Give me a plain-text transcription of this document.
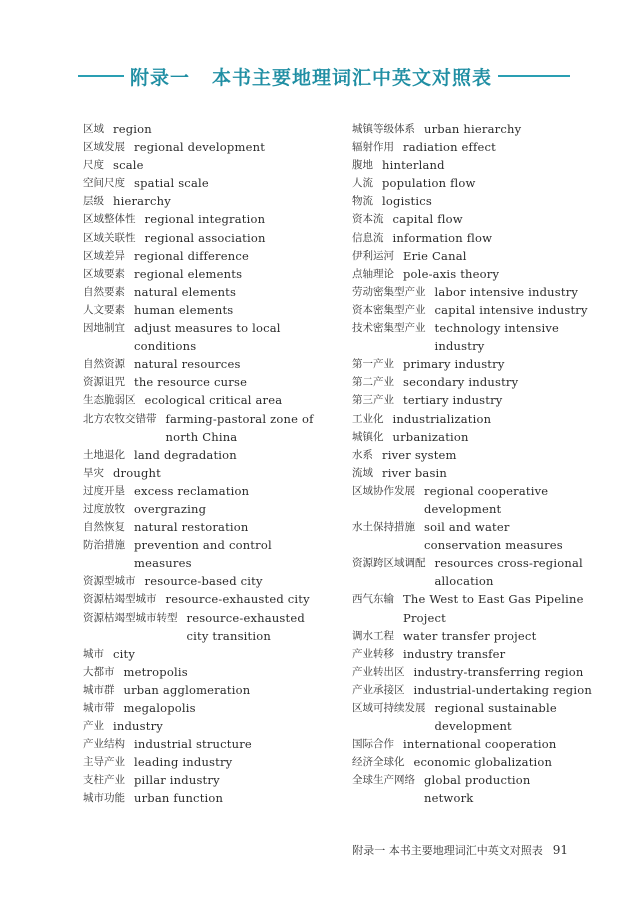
附录一 本书主要地理词汇中英文对照表
区域 region
区域发展 regional development
尺度 scale
空间尺度 spatial scale
层级 hierarchy
区域整体性 regional integration
区域关联性 regional association
区域差异 regional difference
区域要素 regional elements
自然要素 natural elements
人文要素 human elements
因地制宜 adjust measures to local
conditions
自然资源 natural resources
资源诅咒 the resource curse
生态脆弱区 ecological critical area
北方农牧交错带 farming-pastoral zone of
north China
土地退化 land degradation
旱灾 drought
过度开垦 excess reclamation
过度放牧 overgrazing
自然恢复 natural restoration
防治措施 prevention and control
measures
资源型城市 resource-based city
资源枯竭型城市 resource-exhausted city
资源枯竭型城市转型 resource-exhausted
city transition
城市 city
大都市 metropolis
城市群 urban agglomeration
城市带 megalopolis
产业 industry
产业结构 industrial structure
主导产业 leading industry
支柱产业 pillar industry
城市功能 urban function
城镇等级体系 urban hierarchy
辐射作用 radiation effect
腹地 hinterland
人流 population flow
物流 logistics
资本流 capital flow
信息流 information flow
伊利运河 Erie Canal
点轴理论 pole-axis theory
劳动密集型产业 labor intensive industry
资本密集型产业 capital intensive industry
技术密集型产业 technology intensive
industry
第一产业 primary industry
第二产业 secondary industry
第三产业 tertiary industry
工业化 industrialization
城镇化 urbanization
水系 river system
流域 river basin
区域协作发展 regional cooperative
development
水土保持措施 soil and water
conservation measures
资源跨区域调配 resources cross-regional
allocation
西气东输 The West to East Gas Pipeline
Project
调水工程 water transfer project
产业转移 industry transfer
产业转出区 industry-transferring region
产业承接区 industrial-undertaking region
区域可持续发展 regional sustainable
development
国际合作 international cooperation
经济全球化 economic globalization
全球生产网络 global production
network
附录一 本书主要地理词汇中英文对照表 91
